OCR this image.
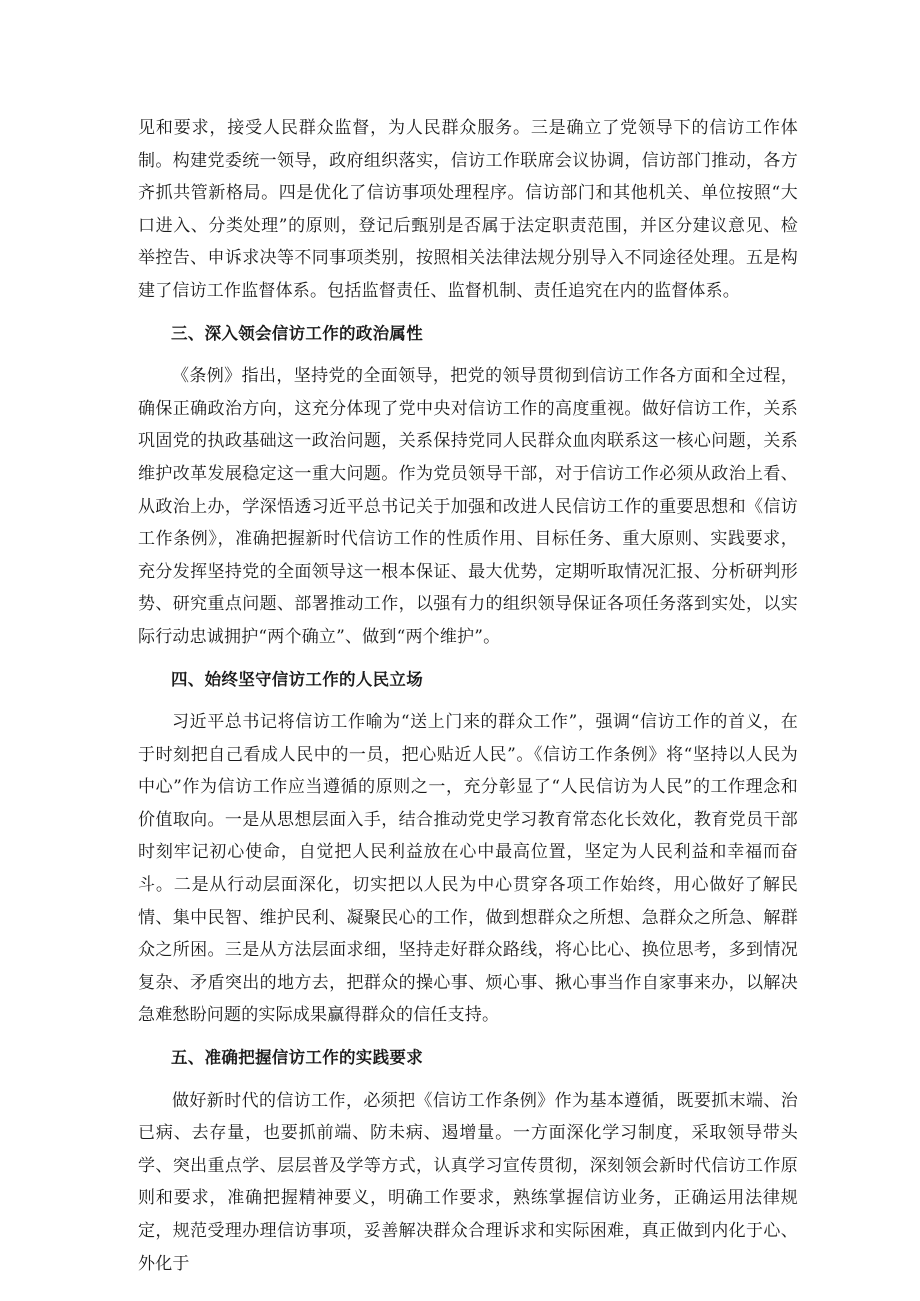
见和要求，接受人民群众监督，为人民群众服务。三是确立了党领导下的信访工作体制。构建党委统一领导，政府组织落实，信访工作联席会议协调，信访部门推动，各方齐抓共管新格局。四是优化了信访事项处理程序。信访部门和其他机关、单位按照“大口进入、分类处理”的原则，登记后甄别是否属于法定职责范围，并区分建议意见、检举控告、申诉求决等不同事项类别，按照相关法律法规分别导入不同途径处理。五是构建了信访工作监督体系。包括监督责任、监督机制、责任追究在内的监督体系。

三、深入领会信访工作的政治属性

《条例》指出，坚持党的全面领导，把党的领导贯彻到信访工作各方面和全过程，确保正确政治方向，这充分体现了党中央对信访工作的高度重视。做好信访工作，关系巩固党的执政基础这一政治问题，关系保持党同人民群众血肉联系这一核心问题，关系维护改革发展稳定这一重大问题。作为党员领导干部，对于信访工作必须从政治上看、从政治上办，学深悟透习近平总书记关于加强和改进人民信访工作的重要思想和《信访工作条例》，准确把握新时代信访工作的性质作用、目标任务、重大原则、实践要求，充分发挥坚持党的全面领导这一根本保证、最大优势，定期听取情况汇报、分析研判形势、研究重点问题、部署推动工作，以强有力的组织领导保证各项任务落到实处，以实际行动忠诚拥护“两个确立”、做到“两个维护”。

四、始终坚守信访工作的人民立场

习近平总书记将信访工作喻为“送上门来的群众工作”，强调“信访工作的首义，在于时刻把自己看成人民中的一员，把心贴近人民”。《信访工作条例》将“坚持以人民为中心”作为信访工作应当遵循的原则之一，充分彰显了“人民信访为人民”的工作理念和价值取向。一是从思想层面入手，结合推动党史学习教育常态化长效化，教育党员干部时刻牢记初心使命，自觉把人民利益放在心中最高位置，坚定为人民利益和幸福而奋斗。二是从行动层面深化，切实把以人民为中心贯穿各项工作始终，用心做好了解民情、集中民智、维护民利、凝聚民心的工作，做到想群众之所想、急群众之所急、解群众之所困。三是从方法层面求细，坚持走好群众路线，将心比心、换位思考，多到情况复杂、矛盾突出的地方去，把群众的操心事、烦心事、揪心事当作自家事来办，以解决急难愁盼问题的实际成果赢得群众的信任支持。

五、准确把握信访工作的实践要求

做好新时代的信访工作，必须把《信访工作条例》作为基本遵循，既要抓末端、治已病、去存量，也要抓前端、防未病、遏增量。一方面深化学习制度，采取领导带头学、突出重点学、层层普及学等方式，认真学习宣传贯彻，深刻领会新时代信访工作原则和要求，准确把握精神要义，明确工作要求，熟练掌握信访业务，正确运用法律规定，规范受理办理信访事项，妥善解决群众合理诉求和实际困难，真正做到内化于心、外化于
